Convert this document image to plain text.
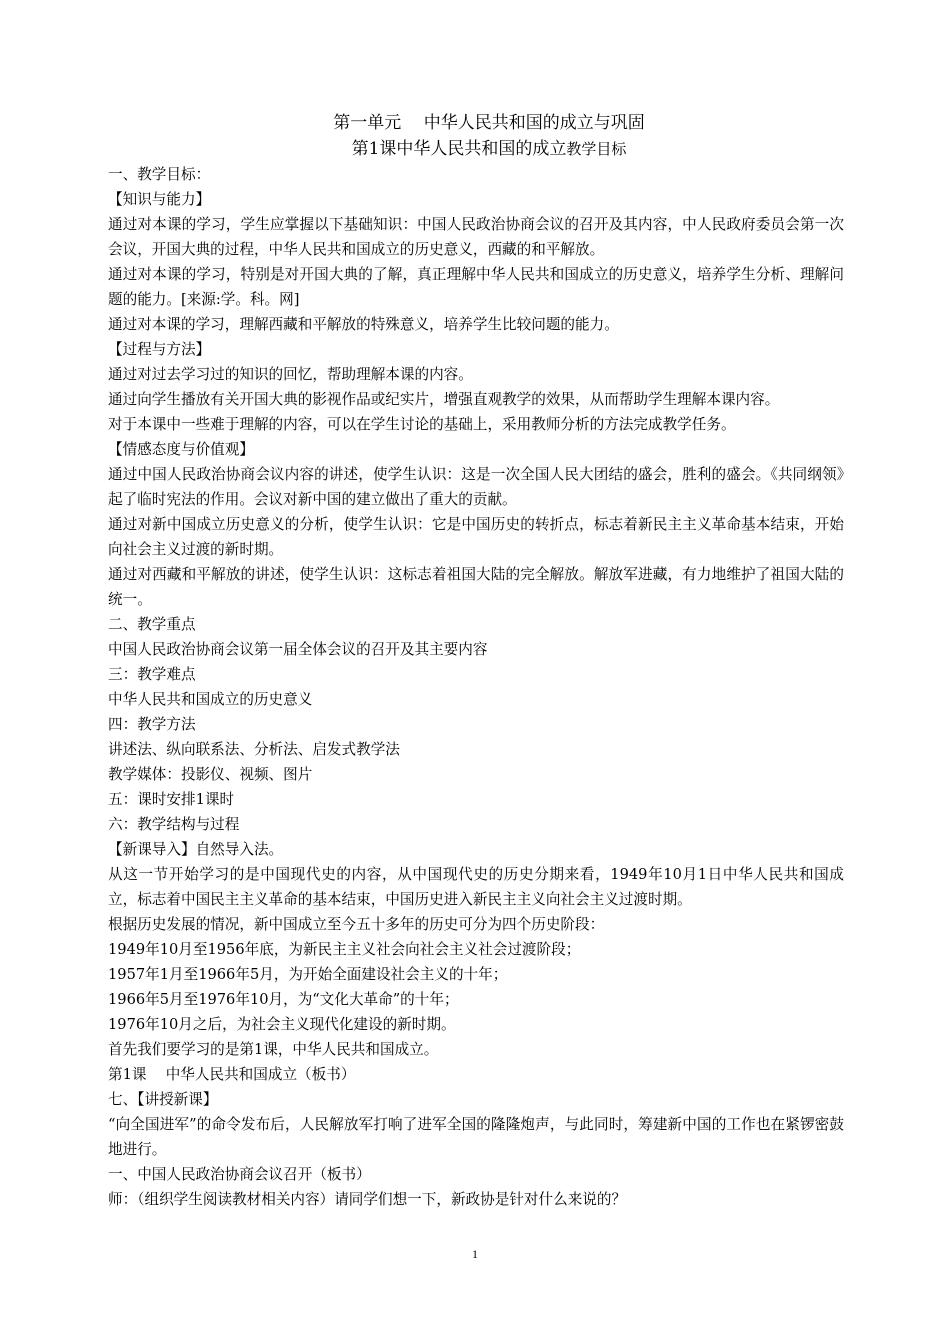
第一单元　 中华人民共和国的成立与巩固
第1课中华人民共和国的成立教学目标
一、教学目标：
【知识与能力】
通过对本课的学习，学生应掌握以下基础知识：中国人民政治协商会议的召开及其内容，中人民政府委员会第一次会议，开国大典的过程，中华人民共和国成立的历史意义，西藏的和平解放。
通过对本课的学习，特别是对开国大典的了解，真正理解中华人民共和国成立的历史意义，培养学生分析、理解问题的能力。[来源:学。科。网]
通过对本课的学习，理解西藏和平解放的特殊意义，培养学生比较问题的能力。
【过程与方法】
通过对过去学习过的知识的回忆，帮助理解本课的内容。
通过向学生播放有关开国大典的影视作品或纪实片，增强直观教学的效果，从而帮助学生理解本课内容。
对于本课中一些难于理解的内容，可以在学生讨论的基础上，采用教师分析的方法完成教学任务。
【情感态度与价值观】
通过中国人民政治协商会议内容的讲述，使学生认识：这是一次全国人民大团结的盛会，胜利的盛会。《共同纲领》起了临时宪法的作用。会议对新中国的建立做出了重大的贡献。
通过对新中国成立历史意义的分析，使学生认识：它是中国历史的转折点，标志着新民主主义革命基本结束，开始向社会主义过渡的新时期。
通过对西藏和平解放的讲述，使学生认识：这标志着祖国大陆的完全解放。解放军进藏，有力地维护了祖国大陆的统一。
二、教学重点
中国人民政治协商会议第一届全体会议的召开及其主要内容
三：教学难点
中华人民共和国成立的历史意义
四：教学方法
讲述法、纵向联系法、分析法、启发式教学法
教学媒体：投影仪、视频、图片
五：课时安排1课时
六：教学结构与过程
【新课导入】自然导入法。
从这一节开始学习的是中国现代史的内容，从中国现代史的历史分期来看，1949年10月1日中华人民共和国成立，标志着中国民主主义革命的基本结束，中国历史进入新民主主义向社会主义过渡时期。
根据历史发展的情况，新中国成立至今五十多年的历史可分为四个历史阶段：
1949年10月至1956年底，为新民主主义社会向社会主义社会过渡阶段；
1957年1月至1966年5月，为开始全面建设社会主义的十年；
1966年5月至1976年10月，为“文化大革命”的十年；
1976年10月之后，为社会主义现代化建设的新时期。
首先我们要学习的是第1课，中华人民共和国成立。
第1课　 中华人民共和国成立（板书）
七、【讲授新课】
“向全国进军”的命令发布后，人民解放军打响了进军全国的隆隆炮声，与此同时，筹建新中国的工作也在紧锣密鼓地进行。
一、中国人民政治协商会议召开（板书）
师：（组织学生阅读教材相关内容）请同学们想一下，新政协是针对什么来说的？
1
